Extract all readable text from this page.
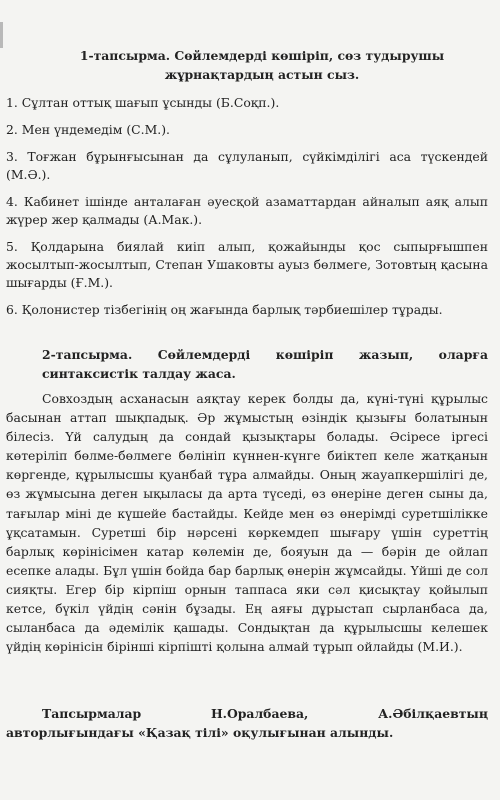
1-тапсырма. Сөйлемдерді көшіріп, сөз тудырушы жұрнақтардың астын сыз.

1. Сұлтан оттық шағып ұсынды (Б.Соқп.).

2. Мен үндемедім (С.М.).

3. Тоғжан бұрынғысынан да сұлуланып, сүйкімділігі аса түскендей (М.Ә.).

4. Кабинет ішінде анталаған әуесқой азаматтардан айналып аяқ алып жүрер жер қалмады (А.Мак.).

5. Қолдарына биялай киіп алып, қожайынды қос сыпырғышпен жосылтып-жосылтып, Степан Ушаковты ауыз бөлмеге, Зотовтың қасына шығарды (Ғ.М.).

6. Қолонистер тізбегінің оң жағында барлық тәрбиешілер тұрады.

2-тапсырма. Сөйлемдерді көшіріп жазып, оларға синтаксистік талдау жаса.

Совхоздың асханасын аяқтау керек болды да, күні-түні құрылыс басынан аттап шықпадық. Әр жұмыстың өзіндік қызығы болатынын білесіз. Үй салудың да сондай қызықтары болады. Әсіресе іргесі көтеріліп бөлме-бөлмеге бөлініп күннен-күнге биіктеп келе жатқанын көргенде, құрылысшы қуанбай тұра алмайды. Оның жауапкершілігі де, өз жұмысына деген ықыласы да арта түседі, өз өнеріне деген сыны да, тағылар міні де күшейе бастайды. Кейде мен өз өнерімді суретшілікке ұқсатамын. Суретші бір нәрсені көркемдеп шығару үшін суреттің барлық көрінісімен катар көлемін де, бояуын да — бәрін де ойлап есепке алады. Бұл үшін бойда бар барлық өнерін жұмсайды. Үйші де сол сияқты. Егер бір кірпіш орнын таппаса яки сәл қисықтау қойылып кетсе, бүкіл үйдің сәнін бұзады. Ең аяғы дұрыстап сырланбаса да, сыланбаса да әдемілік қашады. Сондықтан да құрылысшы келешек үйдің көрінісін бірінші кірпішті қолына алмай тұрып ойлайды (М.И.).

Тапсырмалар Н.Оралбаева, А.Әбілқаевтың авторлығындағы «Қазақ тілі» оқулығынан алынды.
